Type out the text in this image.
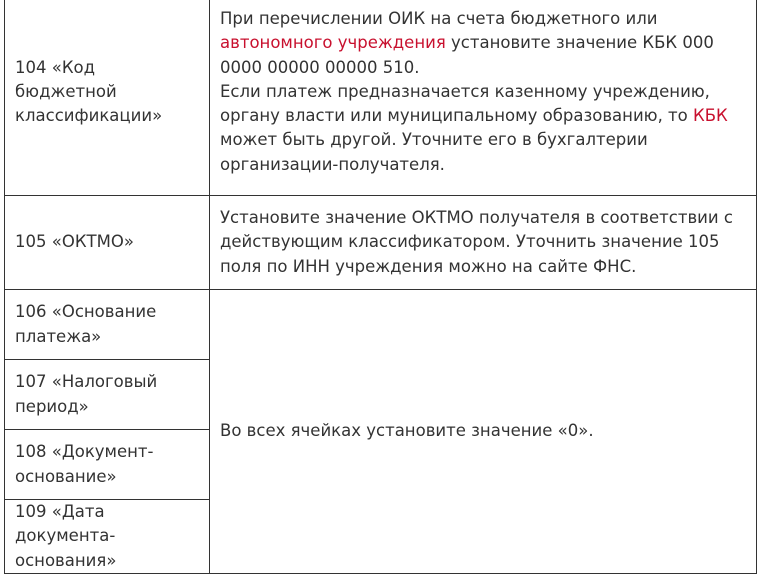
104 «Код бюджетной классификации»	При перечислении ОИК на счета бюджетного или автономного учреждения установите значение КБК 000 0000 00000 00000 510.
Если платеж предназначается казенному учреждению, органу власти или муниципальному образованию, то КБК может быть другой. Уточните его в бухгалтерии организации-получателя.
105 «ОКТМО»	Установите значение ОКТМО получателя в соответствии с действующим классификатором. Уточнить значение 105 поля по ИНН учреждения можно на сайте ФНС.
106 «Основание платежа»	Во всех ячейках установите значение «0».
107 «Налоговый период»	
108 «Документ-основание»	
109 «Дата документа-основания»	
